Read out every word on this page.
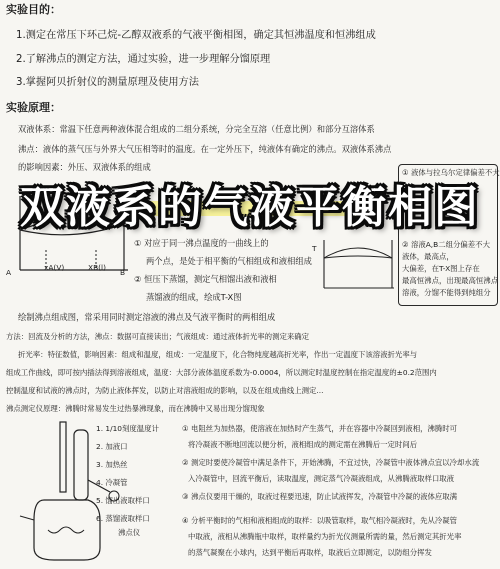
实验目的：
1.测定在常压下环己烷-乙醇双液系的气液平衡相图，确定其恒沸温度和恒沸组成
2.了解沸点的测定方法，通过实验，进一步理解分馏原理
3.掌握阿贝折射仪的测量原理及使用方法
实验原理：
双液体系：常温下任意两种液体混合组成的二组分系统，分完全互溶（任意比例）和部分互溶体系
沸点：液体的蒸气压与外界大气压相等时的温度。在一定外压下，纯液体有确定的沸点。双液体系沸点
的影响因素：外压、双液体系的组成
A	B
xA(V)	XB(l)
① 对应于同一沸点温度的一曲线上的
两个点，是处于相平衡的气相组成和液相组成
② 恒压下蒸馏，测定气相馏出液和液相
蒸馏液的组成，绘成T-X图
T
① 液体与拉乌尔定律偏差不大
② 溶液A,B二组分偏差不大
液体，最高点，
大偏差，在T-X图上存在
最高恒沸点，出现最高恒沸点
溶液，分馏不能得到纯组分
绘制沸点组成图，常采用同时测定溶液的沸点及气液平衡时的两相组成
方法：回流及分析的方法，沸点：数据可直接读出；气液组成：通过液体折光率的测定来确定
折光率：特征数值，影响因素：组成和温度，组成：一定温度下，化合物纯度越高折光率，作出一定温度下该溶液折光率与
组成工作曲线，即可按内插法得到溶液组成，温度：大部分液体温度系数为-0.0004，所以测定时温度控制在指定温度的±0.2范围内
控制温度和试液的沸点时，为防止液体挥发，以防止对溶液组成的影响，以及在组成曲线上测定...
沸点测定仪原理：沸腾时常易发生过热暴沸现象，而在沸腾中又易出现分馏现象
沸点仪
1. 1/10刻度温度计
2. 加液口
3. 加热丝
4. 冷凝管
5. 馏出液取样口
6. 蒸馏液取样口
① 电阻丝为加热器，使溶液在加热时产生蒸气，并在容器中冷凝回到液相，沸腾时可
将冷凝液不断地回流以便分析，液相组成的测定需在沸腾后一定时间后
② 测定时要使冷凝管中满足条件下，开始沸腾，不宜过快，冷凝管中液体沸点宜以冷却水流
入冷凝管中，回流平衡后，读取温度，测定蒸气冷凝液组成，从沸腾液取样口取液
③ 沸点仪要用干燥的，取液过程要迅速，防止试液挥发，冷凝管中冷凝的液体应取满
④ 分析平衡时的气相和液相组成的取样：以吸管取样，取气相冷凝液时，先从冷凝管
中取液，液相从沸腾瓶中取样，取样量约为折光仪测量所需的量，然后测定其折光率
的蒸气凝聚在小球内，达到平衡后再取样，取液后立即测定，以防组分挥发
双液系的气液平衡相图
